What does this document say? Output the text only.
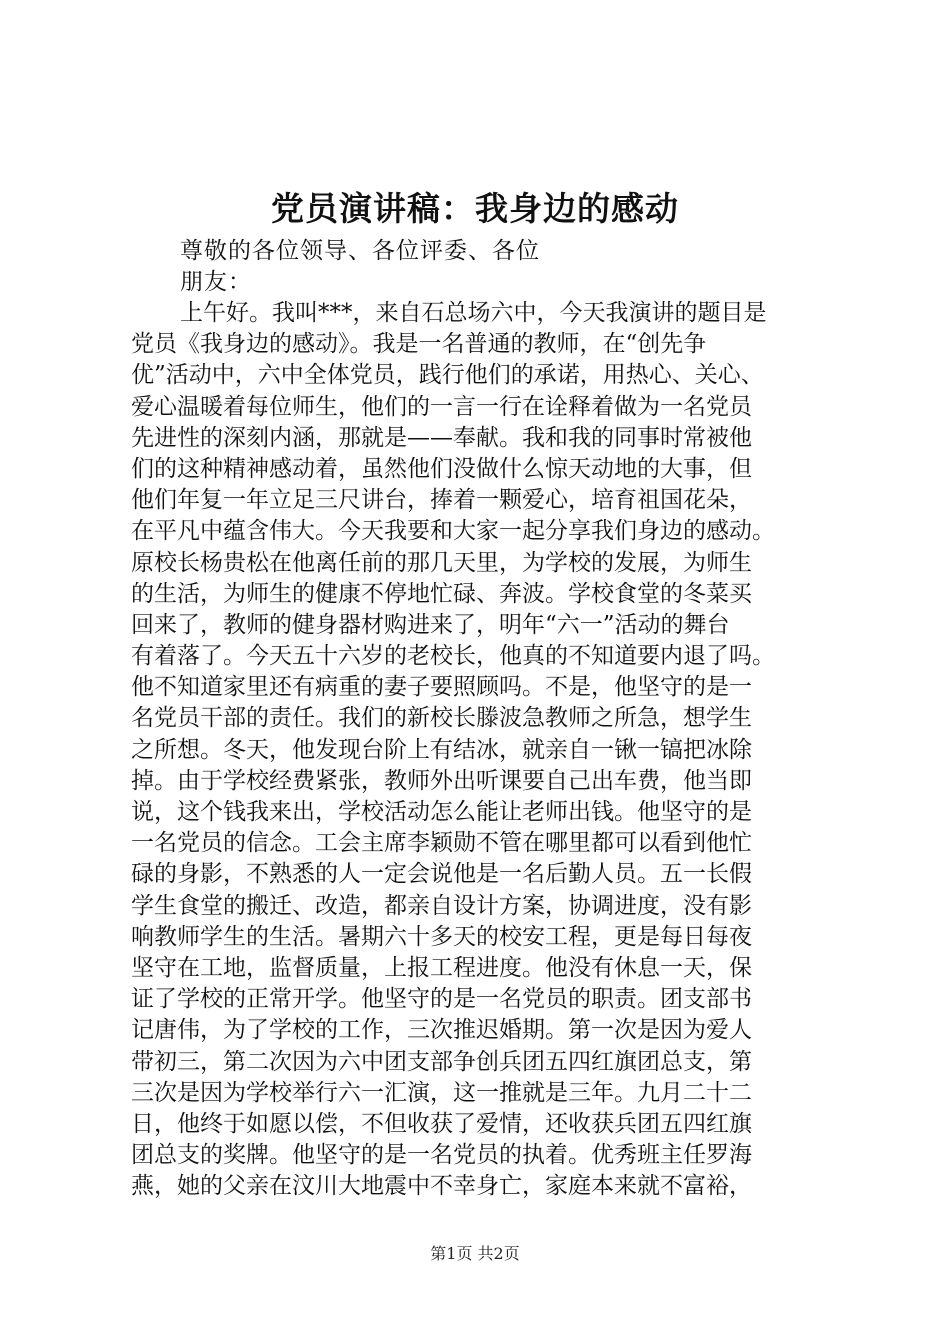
党员演讲稿：我身边的感动
尊敬的各位领导、各位评委、各位
朋友：
上午好。我叫***，来自石总场六中，今天我演讲的题目是
党员《我身边的感动》。我是一名普通的教师，在“创先争
优”活动中，六中全体党员，践行他们的承诺，用热心、关心、
爱心温暖着每位师生，他们的一言一行在诠释着做为一名党员
先进性的深刻内涵，那就是——奉献。我和我的同事时常被他
们的这种精神感动着，虽然他们没做什么惊天动地的大事，但
他们年复一年立足三尺讲台，捧着一颗爱心，培育祖国花朵，
在平凡中蕴含伟大。今天我要和大家一起分享我们身边的感动。
原校长杨贵松在他离任前的那几天里，为学校的发展，为师生
的生活，为师生的健康不停地忙碌、奔波。学校食堂的冬菜买
回来了，教师的健身器材购进来了，明年“六一”活动的舞台
有着落了。今天五十六岁的老校长，他真的不知道要内退了吗。
他不知道家里还有病重的妻子要照顾吗。不是，他坚守的是一
名党员干部的责任。我们的新校长滕波急教师之所急，想学生
之所想。冬天，他发现台阶上有结冰，就亲自一锹一镐把冰除
掉。由于学校经费紧张，教师外出听课要自己出车费，他当即
说，这个钱我来出，学校活动怎么能让老师出钱。他坚守的是
一名党员的信念。工会主席李颖勋不管在哪里都可以看到他忙
碌的身影，不熟悉的人一定会说他是一名后勤人员。五一长假
学生食堂的搬迁、改造，都亲自设计方案，协调进度，没有影
响教师学生的生活。暑期六十多天的校安工程，更是每日每夜
坚守在工地，监督质量，上报工程进度。他没有休息一天，保
证了学校的正常开学。他坚守的是一名党员的职责。团支部书
记唐伟，为了学校的工作，三次推迟婚期。第一次是因为爱人
带初三，第二次因为六中团支部争创兵团五四红旗团总支，第
三次是因为学校举行六一汇演，这一推就是三年。九月二十二
日，他终于如愿以偿，不但收获了爱情，还收获兵团五四红旗
团总支的奖牌。他坚守的是一名党员的执着。优秀班主任罗海
燕，她的父亲在汶川大地震中不幸身亡，家庭本来就不富裕，
第1页 共2页
